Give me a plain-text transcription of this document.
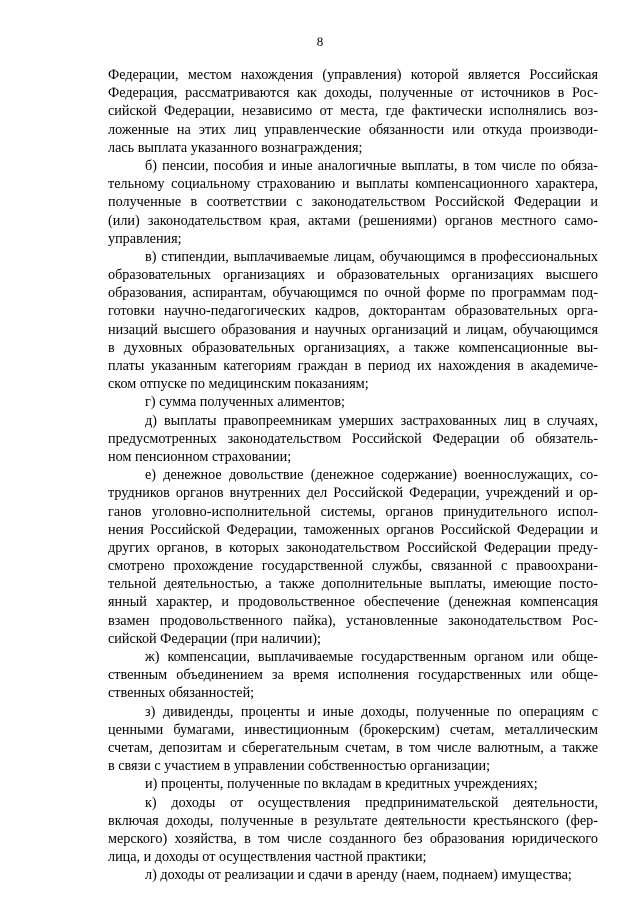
8
Федерации, местом нахождения (управления) которой является Российская
Федерация, рассматриваются как доходы, полученные от источников в Рос-
сийской Федерации, независимо от места, где фактически исполнялись воз-
ложенные на этих лиц управленческие обязанности или откуда производи-
лась выплата указанного вознаграждения;
б) пенсии, пособия и иные аналогичные выплаты, в том числе по обяза-
тельному социальному страхованию и выплаты компенсационного характера,
полученные в соответствии с законодательством Российской Федерации и
(или) законодательством края, актами (решениями) органов местного само-
управления;
в) стипендии, выплачиваемые лицам, обучающимся в профессиональных
образовательных организациях и образовательных организациях высшего
образования, аспирантам, обучающимся по очной форме по программам под-
готовки научно-педагогических кадров, докторантам образовательных орга-
низаций высшего образования и научных организаций и лицам, обучающимся
в духовных образовательных организациях, а также компенсационные вы-
платы указанным категориям граждан в период их нахождения в академиче-
ском отпуске по медицинским показаниям;
г) сумма полученных алиментов;
д) выплаты правопреемникам умерших застрахованных лиц в случаях,
предусмотренных законодательством Российской Федерации об обязатель-
ном пенсионном страховании;
е) денежное довольствие (денежное содержание) военнослужащих, со-
трудников органов внутренних дел Российской Федерации, учреждений и ор-
ганов уголовно-исполнительной системы, органов принудительного испол-
нения Российской Федерации, таможенных органов Российской Федерации и
других органов, в которых законодательством Российской Федерации преду-
смотрено прохождение государственной службы, связанной с правоохрани-
тельной деятельностью, а также дополнительные выплаты, имеющие посто-
янный характер, и продовольственное обеспечение (денежная компенсация
взамен продовольственного пайка), установленные законодательством Рос-
сийской Федерации (при наличии);
ж) компенсации, выплачиваемые государственным органом или обще-
ственным объединением за время исполнения государственных или обще-
ственных обязанностей;
з) дивиденды, проценты и иные доходы, полученные по операциям с
ценными бумагами, инвестиционным (брокерским) счетам, металлическим
счетам, депозитам и сберегательным счетам, в том числе валютным, а также
в связи с участием в управлении собственностью организации;
и) проценты, полученные по вкладам в кредитных учреждениях;
к) доходы от осуществления предпринимательской деятельности,
включая доходы, полученные в результате деятельности крестьянского (фер-
мерского) хозяйства, в том числе созданного без образования юридического
лица, и доходы от осуществления частной практики;
л) доходы от реализации и сдачи в аренду (наем, поднаем) имущества;
